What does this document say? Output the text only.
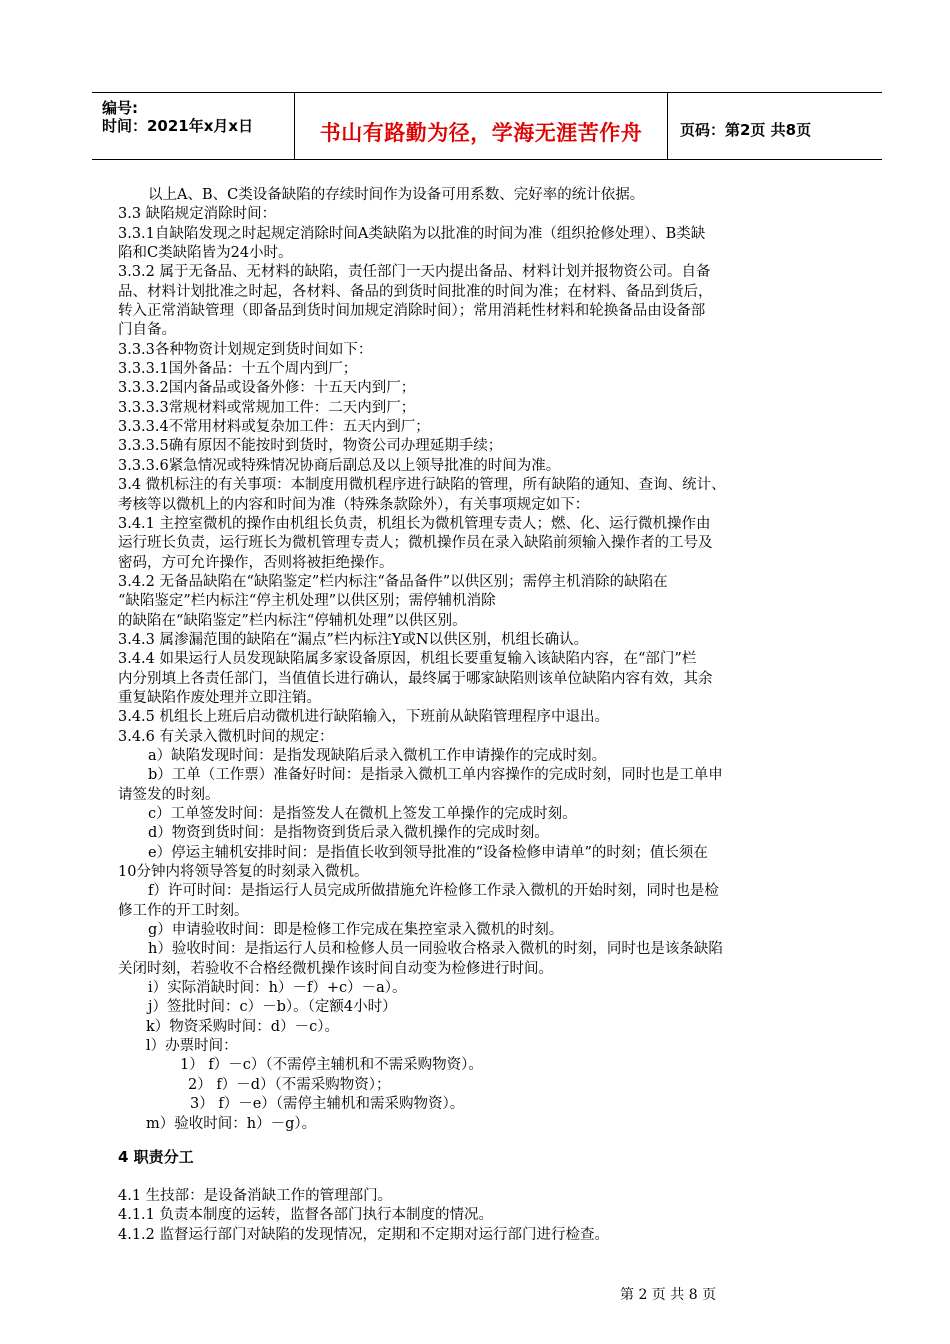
编号:
时间：2021年x月x日	书山有路勤为径，学海无涯苦作舟	页码：第2页 共8页
以上A、B、C类设备缺陷的存续时间作为设备可用系数、完好率的统计依据。
3.3 缺陷规定消除时间：
3.3.1自缺陷发现之时起规定消除时间A类缺陷为以批准的时间为准（组织抢修处理）、B类缺
陷和C类缺陷皆为24小时。
3.3.2 属于无备品、无材料的缺陷，责任部门一天内提出备品、材料计划并报物资公司。自备
品、材料计划批准之时起，各材料、备品的到货时间批准的时间为准；在材料、备品到货后，
转入正常消缺管理（即备品到货时间加规定消除时间）；常用消耗性材料和轮换备品由设备部
门自备。
3.3.3各种物资计划规定到货时间如下：
3.3.3.1国外备品：十五个周内到厂；
3.3.3.2国内备品或设备外修：十五天内到厂；
3.3.3.3常规材料或常规加工件：二天内到厂；
3.3.3.4不常用材料或复杂加工件：五天内到厂；
3.3.3.5确有原因不能按时到货时，物资公司办理延期手续；
3.3.3.6紧急情况或特殊情况协商后副总及以上领导批准的时间为准。
3.4 微机标注的有关事项：本制度用微机程序进行缺陷的管理，所有缺陷的通知、查询、统计、
考核等以微机上的内容和时间为准（特殊条款除外），有关事项规定如下：
3.4.1 主控室微机的操作由机组长负责，机组长为微机管理专责人；燃、化、运行微机操作由
运行班长负责，运行班长为微机管理专责人；微机操作员在录入缺陷前须输入操作者的工号及
密码，方可允许操作，否则将被拒绝操作。
3.4.2 无备品缺陷在“缺陷鉴定”栏内标注“备品备件”以供区别；需停主机消除的缺陷在
“缺陷鉴定”栏内标注“停主机处理”以供区别；需停辅机消除
的缺陷在“缺陷鉴定”栏内标注“停辅机处理”以供区别。
3.4.3 属渗漏范围的缺陷在“漏点”栏内标注Y或N以供区别，机组长确认。
3.4.4 如果运行人员发现缺陷属多家设备原因，机组长要重复输入该缺陷内容，在“部门”栏
内分别填上各责任部门，当值值长进行确认，最终属于哪家缺陷则该单位缺陷内容有效，其余
重复缺陷作废处理并立即注销。
3.4.5 机组长上班后启动微机进行缺陷输入，下班前从缺陷管理程序中退出。
3.4.6 有关录入微机时间的规定：
a）缺陷发现时间：是指发现缺陷后录入微机工作申请操作的完成时刻。
b）工单（工作票）准备好时间：是指录入微机工单内容操作的完成时刻，同时也是工单申
请签发的时刻。
c）工单签发时间：是指签发人在微机上签发工单操作的完成时刻。
d）物资到货时间：是指物资到货后录入微机操作的完成时刻。
e）停运主辅机安排时间：是指值长收到领导批准的“设备检修申请单”的时刻；值长须在
10分钟内将领导答复的时刻录入微机。
f）许可时间：是指运行人员完成所做措施允许检修工作录入微机的开始时刻，同时也是检
修工作的开工时刻。
g）申请验收时间：即是检修工作完成在集控室录入微机的时刻。
h）验收时间：是指运行人员和检修人员一同验收合格录入微机的时刻，同时也是该条缺陷
关闭时刻，若验收不合格经微机操作该时间自动变为检修进行时间。
i）实际消缺时间：h）－f）+c）－a）。
j）签批时间：c）－b）。（定额4小时）
k）物资采购时间：d）－c）。
l）办票时间：
1） f）－c）（不需停主辅机和不需采购物资）。
2） f）－d）（不需采购物资）；
3） f）－e）（需停主辅机和需采购物资）。
m）验收时间：h）－g）。
4 职责分工
4.1 生技部：是设备消缺工作的管理部门。
4.1.1 负责本制度的运转，监督各部门执行本制度的情况。
4.1.2 监督运行部门对缺陷的发现情况，定期和不定期对运行部门进行检查。
第 2 页 共 8 页
